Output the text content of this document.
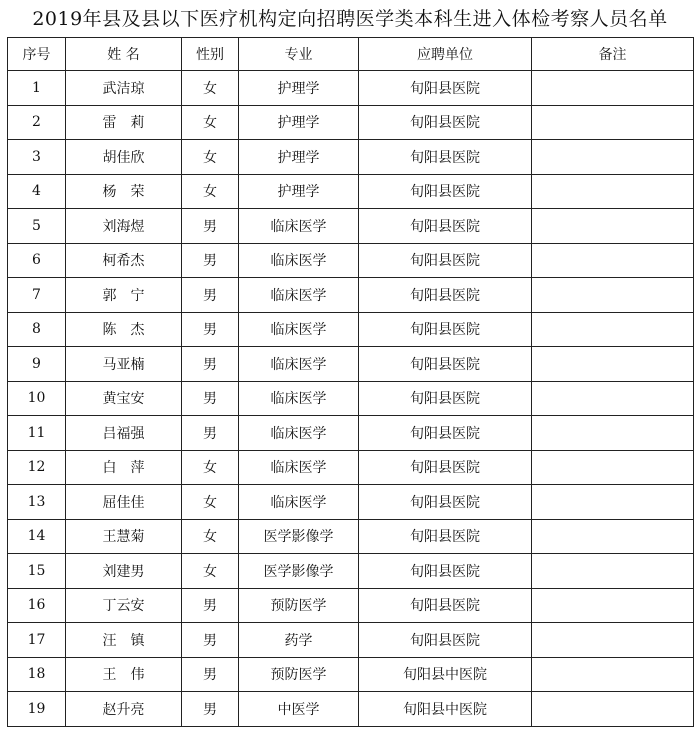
2019年县及县以下医疗机构定向招聘医学类本科生进入体检考察人员名单
序号	姓 名	性别	专业	应聘单位	备注
1	武洁琼	女	护理学	旬阳县医院	
2	雷　莉	女	护理学	旬阳县医院	
3	胡佳欣	女	护理学	旬阳县医院	
4	杨　荣	女	护理学	旬阳县医院	
5	刘海煜	男	临床医学	旬阳县医院	
6	柯希杰	男	临床医学	旬阳县医院	
7	郭　宁	男	临床医学	旬阳县医院	
8	陈　杰	男	临床医学	旬阳县医院	
9	马亚楠	男	临床医学	旬阳县医院	
10	黄宝安	男	临床医学	旬阳县医院	
11	吕福强	男	临床医学	旬阳县医院	
12	白　萍	女	临床医学	旬阳县医院	
13	屈佳佳	女	临床医学	旬阳县医院	
14	王慧菊	女	医学影像学	旬阳县医院	
15	刘建男	女	医学影像学	旬阳县医院	
16	丁云安	男	预防医学	旬阳县医院	
17	汪　镇	男	药学	旬阳县医院	
18	王　伟	男	预防医学	旬阳县中医院	
19	赵升亮	男	中医学	旬阳县中医院	
